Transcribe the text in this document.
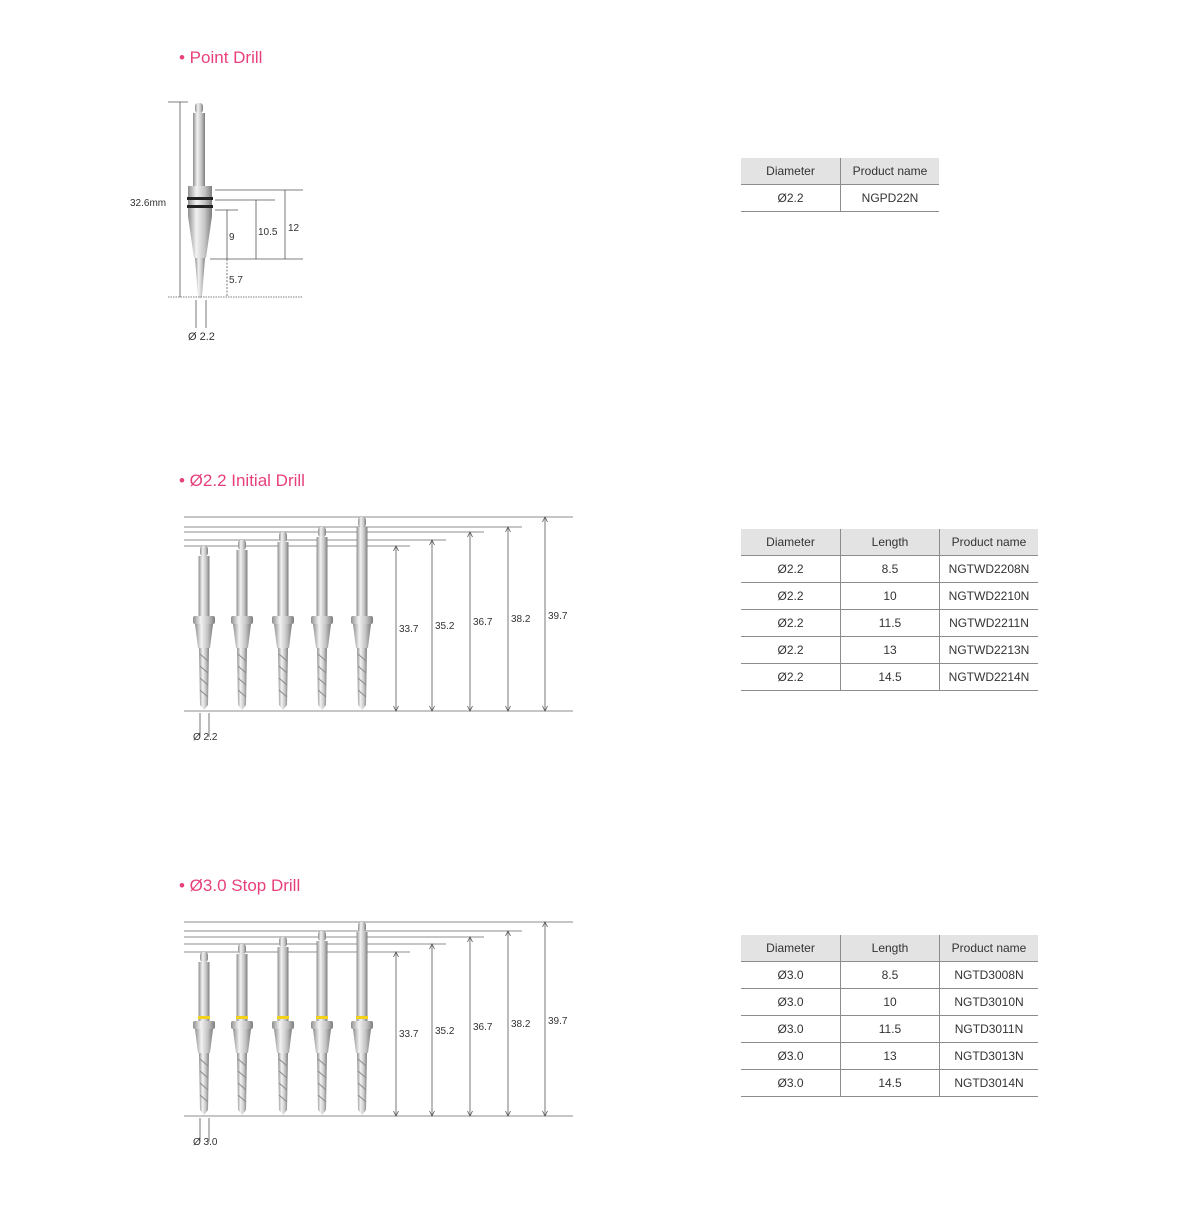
• Point Drill
32.6mm
9 10.5 12
5.7
Ø 2.2
Diameter	Product name
Ø2.2	NGPD22N
• Ø2.2 Initial Drill
33.7 35.2 36.7 38.2 39.7
Ø 2.2
Diameter	Length	Product name
Ø2.2	8.5	NGTWD2208N
Ø2.2	10	NGTWD2210N
Ø2.2	11.5	NGTWD2211N
Ø2.2	13	NGTWD2213N
Ø2.2	14.5	NGTWD2214N
• Ø3.0 Stop Drill
33.7 35.2 36.7 38.2 39.7
Ø 3.0
Diameter	Length	Product name
Ø3.0	8.5	NGTD3008N
Ø3.0	10	NGTD3010N
Ø3.0	11.5	NGTD3011N
Ø3.0	13	NGTD3013N
Ø3.0	14.5	NGTD3014N
